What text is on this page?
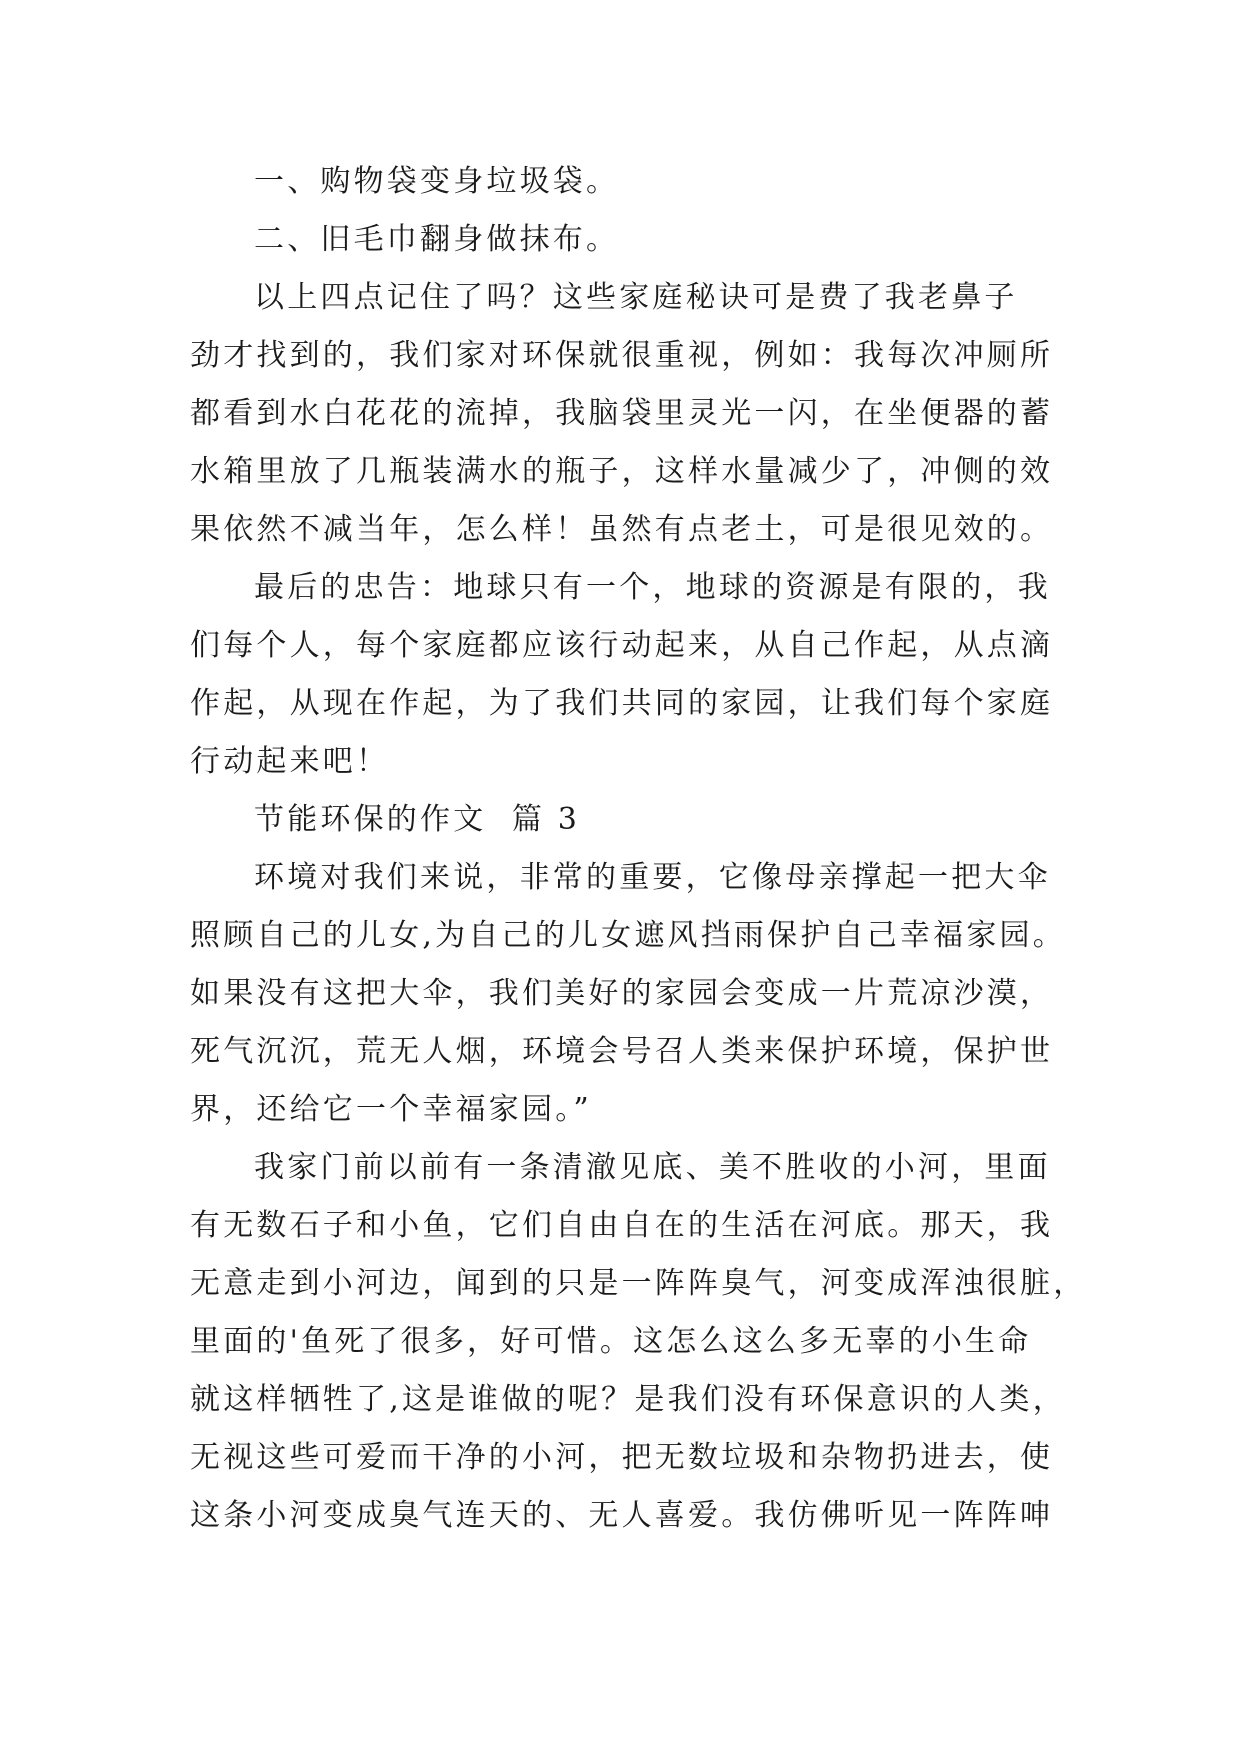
一、购物袋变身垃圾袋。
二、旧毛巾翻身做抹布。
以上四点记住了吗？这些家庭秘诀可是费了我老鼻子
劲才找到的，我们家对环保就很重视，例如：我每次冲厕所
都看到水白花花的流掉，我脑袋里灵光一闪，在坐便器的蓄
水箱里放了几瓶装满水的瓶子，这样水量减少了，冲侧的效
果依然不减当年，怎么样！虽然有点老土，可是很见效的。
最后的忠告：地球只有一个，地球的资源是有限的，我
们每个人，每个家庭都应该行动起来，从自己作起，从点滴
作起，从现在作起，为了我们共同的家园，让我们每个家庭
行动起来吧！
节能环保的作文  篇 3
环境对我们来说，非常的重要，它像母亲撑起一把大伞
照顾自己的儿女,为自己的儿女遮风挡雨保护自己幸福家园。
如果没有这把大伞，我们美好的家园会变成一片荒凉沙漠，
死气沉沉，荒无人烟，环境会号召人类来保护环境，保护世
界，还给它一个幸福家园。”
我家门前以前有一条清澈见底、美不胜收的小河，里面
有无数石子和小鱼，它们自由自在的生活在河底。那天，我
无意走到小河边，闻到的只是一阵阵臭气，河变成浑浊很脏，
里面的'鱼死了很多，好可惜。这怎么这么多无辜的小生命
就这样牺牲了,这是谁做的呢？是我们没有环保意识的人类，
无视这些可爱而干净的小河，把无数垃圾和杂物扔进去，使
这条小河变成臭气连天的、无人喜爱。我仿佛听见一阵阵呻
